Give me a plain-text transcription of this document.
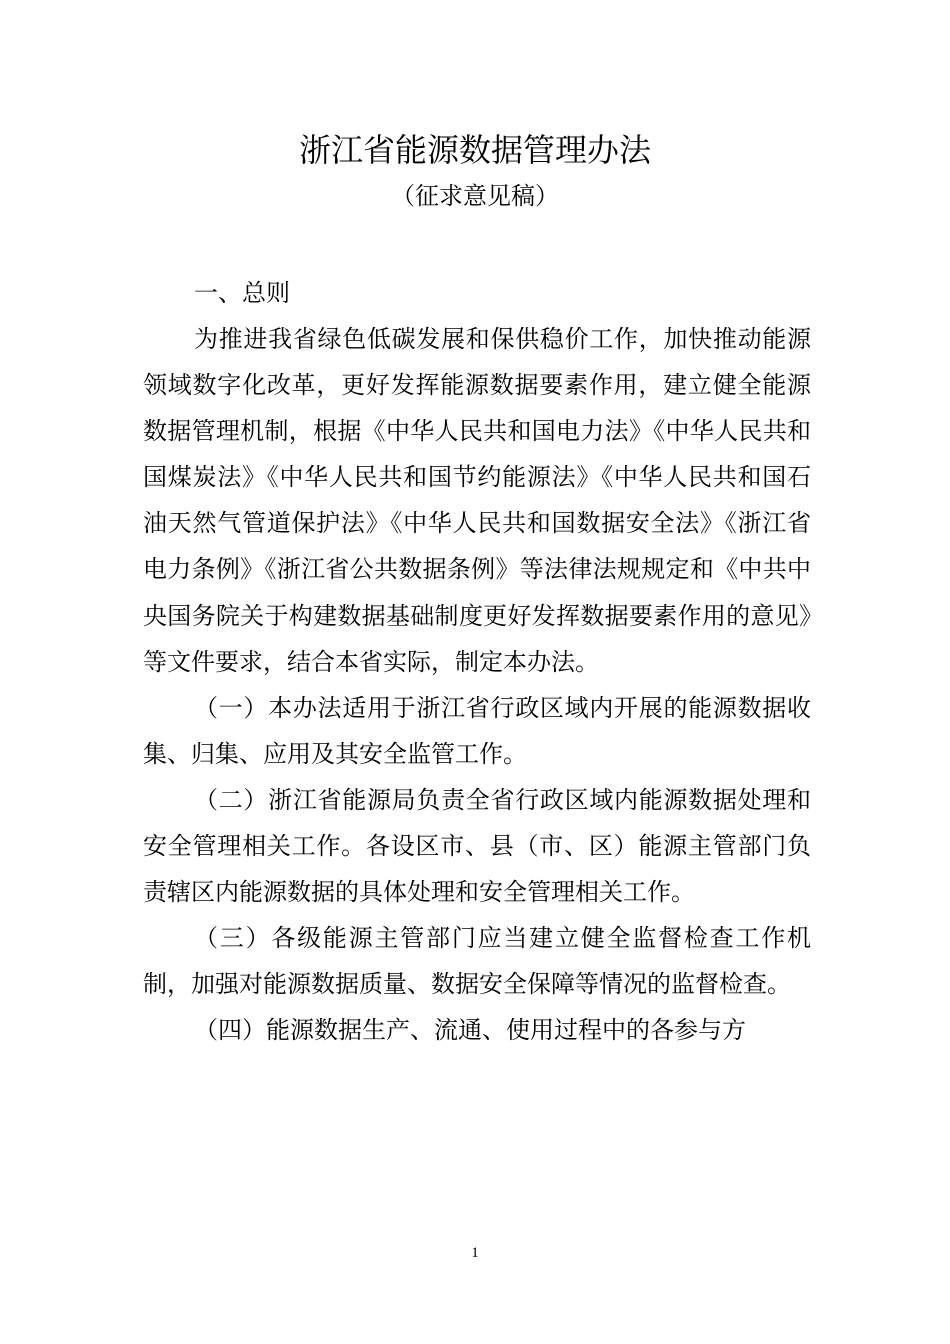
浙江省能源数据管理办法
（征求意见稿）

一、总则

为推进我省绿色低碳发展和保供稳价工作，加快推动能源领域数字化改革，更好发挥能源数据要素作用，建立健全能源数据管理机制，根据《中华人民共和国电力法》《中华人民共和国煤炭法》《中华人民共和国节约能源法》《中华人民共和国石油天然气管道保护法》《中华人民共和国数据安全法》《浙江省电力条例》《浙江省公共数据条例》等法律法规规定和《中共中央国务院关于构建数据基础制度更好发挥数据要素作用的意见》等文件要求，结合本省实际，制定本办法。

（一）本办法适用于浙江省行政区域内开展的能源数据收集、归集、应用及其安全监管工作。

（二）浙江省能源局负责全省行政区域内能源数据处理和安全管理相关工作。各设区市、县（市、区）能源主管部门负责辖区内能源数据的具体处理和安全管理相关工作。

（三）各级能源主管部门应当建立健全监督检查工作机制，加强对能源数据质量、数据安全保障等情况的监督检查。

（四）能源数据生产、流通、使用过程中的各参与方

1
